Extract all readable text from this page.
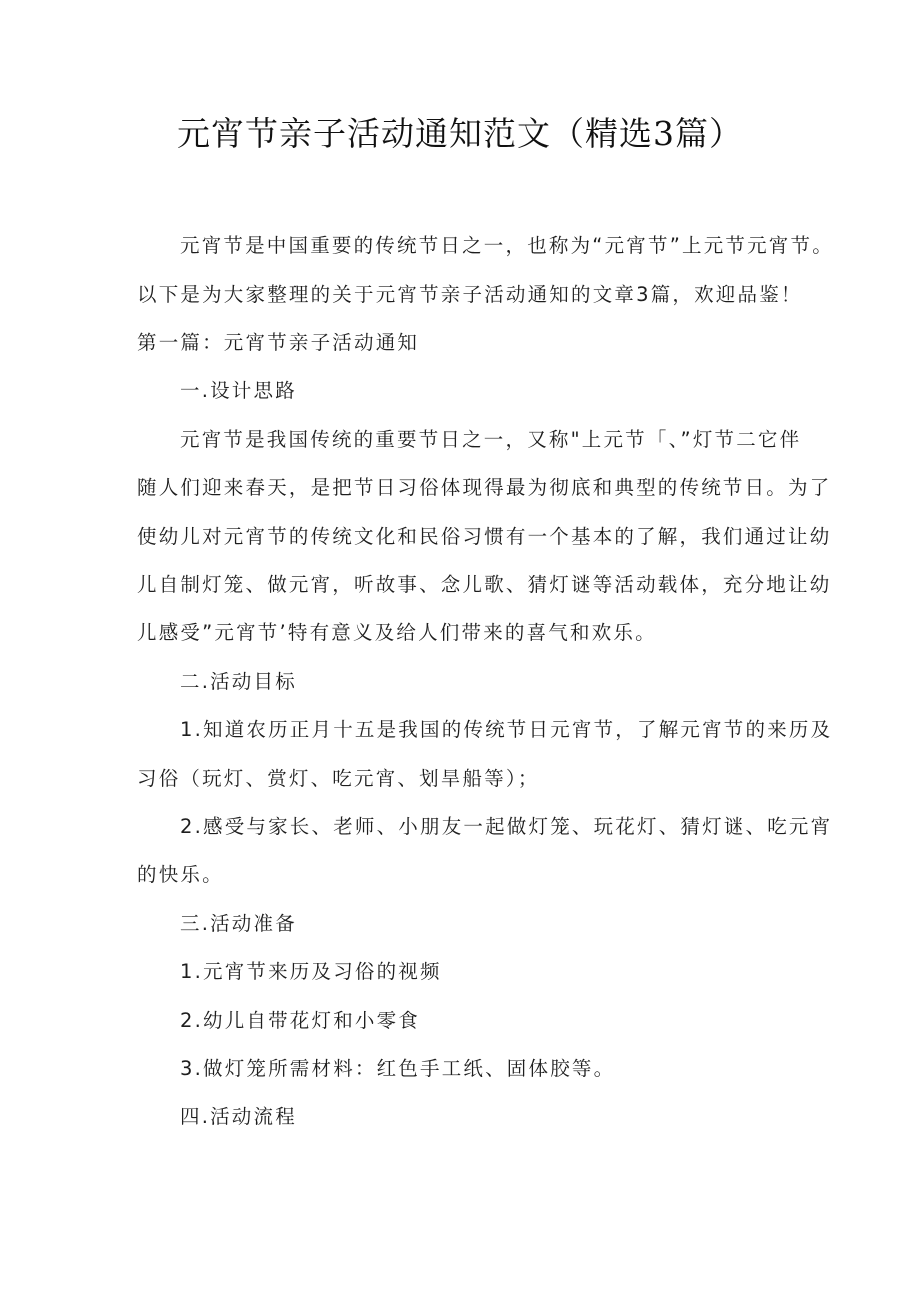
元宵节亲子活动通知范文（精选3篇）
元宵节是中国重要的传统节日之一，也称为“元宵节”上元节元宵节。
以下是为大家整理的关于元宵节亲子活动通知的文章3篇，欢迎品鉴！
第一篇：元宵节亲子活动通知
一.设计思路
元宵节是我国传统的重要节日之一，又称"上元节「、”灯节二它伴
随人们迎来春天，是把节日习俗体现得最为彻底和典型的传统节日。为了
使幼儿对元宵节的传统文化和民俗习惯有一个基本的了解，我们通过让幼
儿自制灯笼、做元宵，听故事、念儿歌、猜灯谜等活动载体，充分地让幼
儿感受”元宵节’特有意义及给人们带来的喜气和欢乐。
二.活动目标
1.知道农历正月十五是我国的传统节日元宵节，了解元宵节的来历及
习俗（玩灯、赏灯、吃元宵、划旱船等）；
2.感受与家长、老师、小朋友一起做灯笼、玩花灯、猜灯谜、吃元宵
的快乐。
三.活动准备
1.元宵节来历及习俗的视频
2.幼儿自带花灯和小零食
3.做灯笼所需材料：红色手工纸、固体胶等。
四.活动流程
